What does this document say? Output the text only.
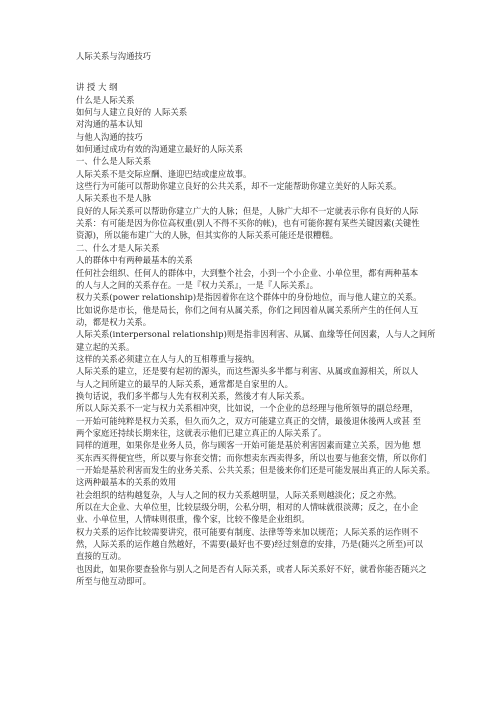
人际关系与沟通技巧
讲 授 大 纲
什么是人际关系
如何与人建立良好的 人际关系
对沟通的基本认知
与他人沟通的技巧
如何通过成功有效的沟通建立最好的人际关系
一、什么是人际关系
人际关系不是交际应酬、逢迎巴结或虚应故事。
这些行为可能可以帮助你建立良好的公共关系，却不一定能帮助你建立美好的人际关系。
人际关系也不是人脉
良好的人际关系可以帮助你建立广大的人脉；但是，人脉广大却不一定就表示你有良好的人际
关系：有可能是因为你位高权重(别人不得不买你的帐)，也有可能你握有某些关键因素(关键性
资源)，所以能布建广大的人脉，但其实你的人际关系可能还是很糟糕。
二、什么才是人际关系
人的群体中有两种最基本的关系
任何社会组织、任何人的群体中，大到整个社会，小到一个小企业、小单位里，都有两种基本
的人与人之间的关系存在。一是『权力关系』，一是『人际关系』。
权力关系(power relationship)是指因着你在这个群体中的身份地位，而与他人建立的关系。
比如说你是市长，他是局长，你们之间有从属关系，你们之间因着从属关系所产生的任何人互
动，都是权力关系。
人际关系(interpersonal relationship)则是指非因利害、从属、血缘等任何因素，人与人之间所
建立起的关系。
这样的关系必须建立在人与人的互相尊重与接纳。
人际关系的建立，还是要有起初的源头，而这些源头多半都与利害、从属或血源相关，所以人
与人之间所建立的最早的人际关系，通常都是自家里的人。
换句话说，我们多半都与人先有权利关系，然後才有人际关系。
所以人际关系不一定与权力关系相冲突，比如说，一个企业的总经理与他所领导的副总经理，
一开始可能纯粹是权力关系，但久而久之，双方可能建立真正的交情，最後退休後两人或甚 至
两个家庭还持续长期来往，这就表示他们已建立真正的人际关系了。
同样的道理，如果你是业务人员，你与顾客一开始可能是基於利害因素而建立关系，因为他 想
买东西买得便宜些，所以要与你套交情；而你想卖东西卖得多，所以也要与他套交情，所以你们
一开始是基於利害而发生的业务关系、公共关系；但是後来你们还是可能发展出真正的人际关系。
这两种最基本的关系的效用
社会组织的结构越复杂，人与人之间的权力关系越明显，人际关系则越淡化；反之亦然。
所以在大企业、大单位里，比较层级分明，公私分明，相对的人情味就很淡薄；反之，在小企
业、小单位里，人情味则很重，像个家，比较不像是企业组织。
权力关系的运作比较需要讲究，很可能要有制度、法律等等来加以规范；人际关系的运作则不
然，人际关系的运作越自然越好，不需要(最好也不要)经过刻意的安排，乃是(随兴之所至)可以
直接的互动。
也因此，如果你要查验你与别人之间是否有人际关系，或者人际关系好不好，就看你能否随兴之
所至与他互动即可。
